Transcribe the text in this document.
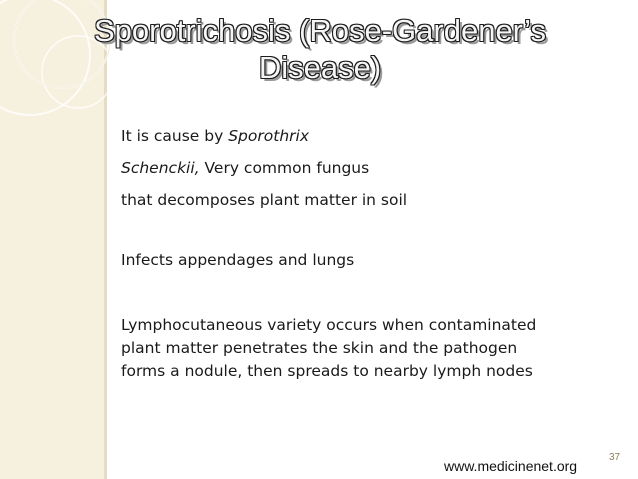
Sporotrichosis (Rose-Gardener’s
Disease)
It is cause by Sporothrix
Schenckii, Very common fungus
that decomposes plant matter in soil
Infects appendages and lungs
Lymphocutaneous variety occurs when contaminated
plant matter penetrates the skin and the pathogen
forms a nodule, then spreads to nearby lymph nodes
www.medicinenet.org
37
